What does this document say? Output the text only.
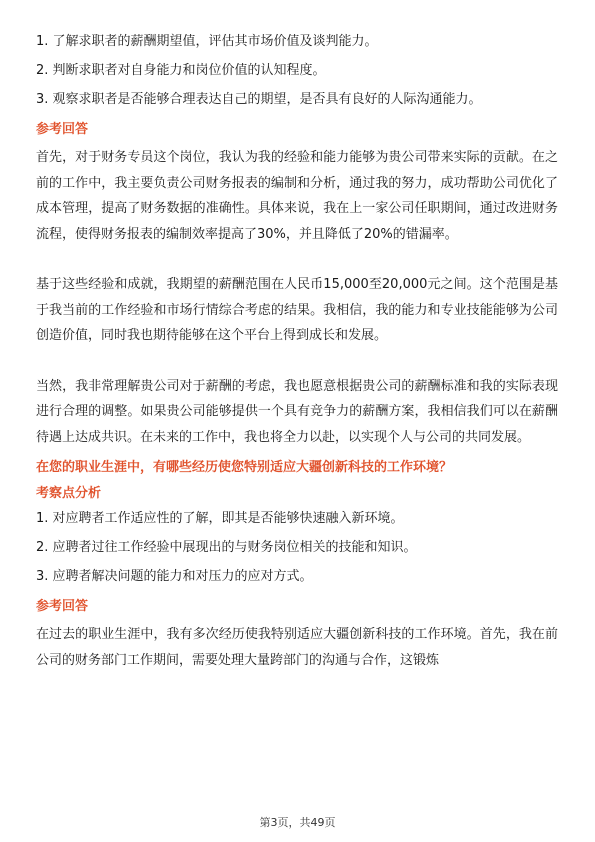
1. 了解求职者的薪酬期望值，评估其市场价值及谈判能力。
2. 判断求职者对自身能力和岗位价值的认知程度。
3. 观察求职者是否能够合理表达自己的期望，是否具有良好的人际沟通能力。
参考回答

首先，对于财务专员这个岗位，我认为我的经验和能力能够为贵公司带来实际的贡献。在之前的工作中，我主要负责公司财务报表的编制和分析，通过我的努力，成功帮助公司优化了成本管理，提高了财务数据的准确性。具体来说，我在上一家公司任职期间，通过改进财务流程，使得财务报表的编制效率提高了30%，并且降低了20%的错漏率。

基于这些经验和成就，我期望的薪酬范围在人民币15,000至20,000元之间。这个范围是基于我当前的工作经验和市场行情综合考虑的结果。我相信，我的能力和专业技能能够为公司创造价值，同时我也期待能够在这个平台上得到成长和发展。

当然，我非常理解贵公司对于薪酬的考虑，我也愿意根据贵公司的薪酬标准和我的实际表现进行合理的调整。如果贵公司能够提供一个具有竞争力的薪酬方案，我相信我们可以在薪酬待遇上达成共识。在未来的工作中，我也将全力以赴，以实现个人与公司的共同发展。

在您的职业生涯中，有哪些经历使您特别适应大疆创新科技的工作环境？
考察点分析
1. 对应聘者工作适应性的了解，即其是否能够快速融入新环境。
2. 应聘者过往工作经验中展现出的与财务岗位相关的技能和知识。
3. 应聘者解决问题的能力和对压力的应对方式。
参考回答

在过去的职业生涯中，我有多次经历使我特别适应大疆创新科技的工作环境。首先，我在前公司的财务部门工作期间，需要处理大量跨部门的沟通与合作，这锻炼

第3页，共49页
